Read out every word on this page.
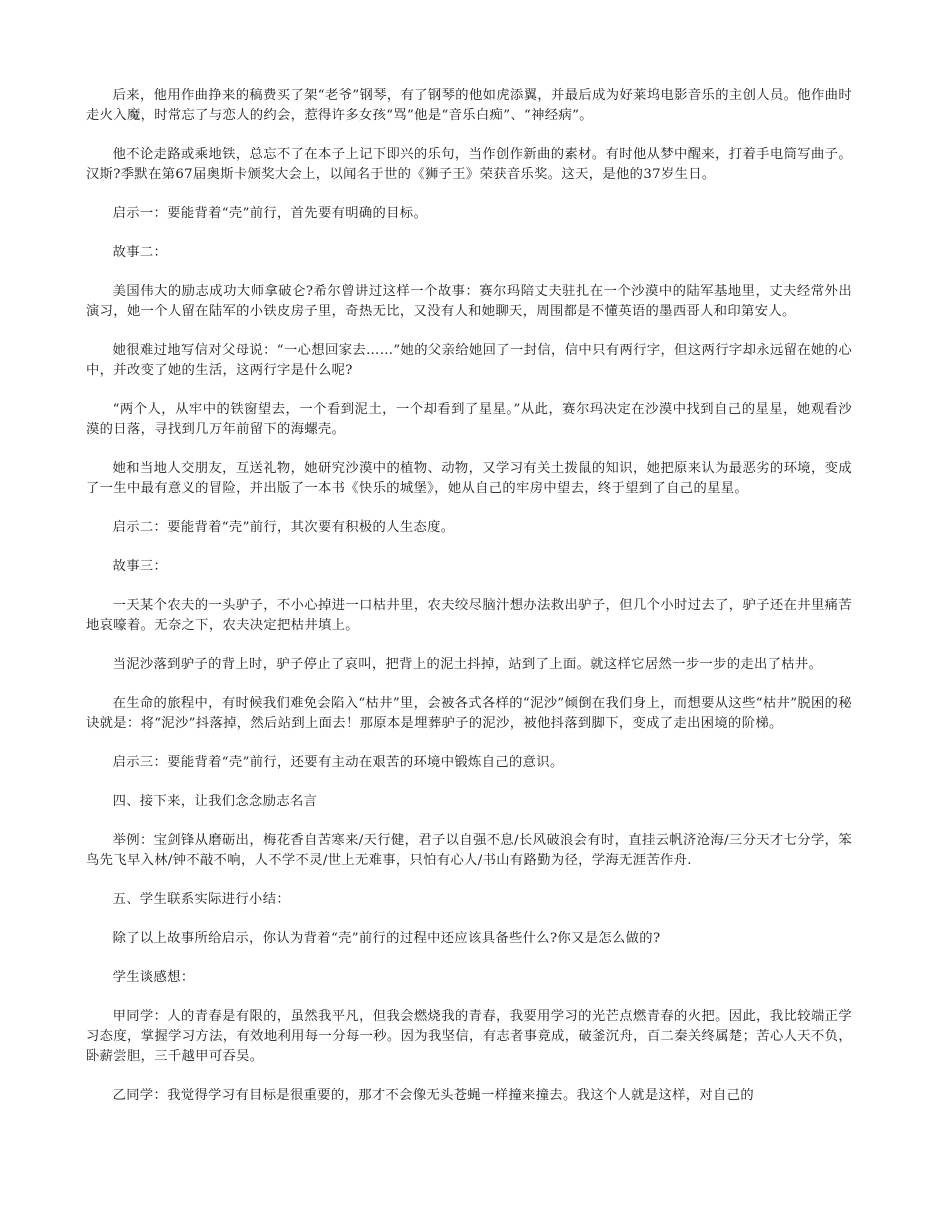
后来，他用作曲挣来的稿费买了架“老爷”钢琴，有了钢琴的他如虎添翼，并最后成为好莱坞电影音乐的主创人员。他作曲时走火入魔，时常忘了与恋人的约会，惹得许多女孩“骂”他是“音乐白痴”、“神经病”。

他不论走路或乘地铁，总忘不了在本子上记下即兴的乐句，当作创作新曲的素材。有时他从梦中醒来，打着手电筒写曲子。汉斯?季默在第67届奥斯卡颁奖大会上，以闻名于世的《狮子王》荣获音乐奖。这天，是他的37岁生日。

启示一：要能背着“壳”前行，首先要有明确的目标。

故事二：

美国伟大的励志成功大师拿破仑?希尔曾讲过这样一个故事：赛尔玛陪丈夫驻扎在一个沙漠中的陆军基地里，丈夫经常外出演习，她一个人留在陆军的小铁皮房子里，奇热无比，又没有人和她聊天，周围都是不懂英语的墨西哥人和印第安人。

她很难过地写信对父母说：“一心想回家去……”她的父亲给她回了一封信，信中只有两行字，但这两行字却永远留在她的心中，并改变了她的生活，这两行字是什么呢?

“两个人，从牢中的铁窗望去，一个看到泥土，一个却看到了星星。”从此，赛尔玛决定在沙漠中找到自己的星星，她观看沙漠的日落，寻找到几万年前留下的海螺壳。

她和当地人交朋友，互送礼物，她研究沙漠中的植物、动物，又学习有关土拨鼠的知识，她把原来认为最恶劣的环境，变成了一生中最有意义的冒险，并出版了一本书《快乐的城堡》，她从自己的牢房中望去，终于望到了自己的星星。

启示二：要能背着“壳”前行，其次要有积极的人生态度。

故事三：

一天某个农夫的一头驴子，不小心掉进一口枯井里，农夫绞尽脑汁想办法救出驴子，但几个小时过去了，驴子还在井里痛苦地哀嚎着。无奈之下，农夫决定把枯井填上。

当泥沙落到驴子的背上时，驴子停止了哀叫，把背上的泥土抖掉，站到了上面。就这样它居然一步一步的走出了枯井。

在生命的旅程中，有时候我们难免会陷入“枯井”里，会被各式各样的“泥沙”倾倒在我们身上，而想要从这些“枯井”脱困的秘诀就是：将“泥沙”抖落掉，然后站到上面去！那原本是埋葬驴子的泥沙，被他抖落到脚下，变成了走出困境的阶梯。

启示三：要能背着“壳”前行，还要有主动在艰苦的环境中锻炼自己的意识。

四、接下来，让我们念念励志名言

举例：宝剑锋从磨砺出，梅花香自苦寒来/天行健，君子以自强不息/长风破浪会有时，直挂云帆济沧海/三分天才七分学，笨鸟先飞早入林/钟不敲不响，人不学不灵/世上无难事，只怕有心人/书山有路勤为径，学海无涯苦作舟.

五、学生联系实际进行小结：

除了以上故事所给启示，你认为背着“壳”前行的过程中还应该具备些什么?你又是怎么做的?

学生谈感想：

甲同学：人的青春是有限的，虽然我平凡，但我会燃烧我的青春，我要用学习的光芒点燃青春的火把。因此，我比较端正学习态度，掌握学习方法，有效地利用每一分每一秒。因为我坚信，有志者事竟成，破釜沉舟，百二秦关终属楚；苦心人天不负，卧薪尝胆，三千越甲可吞吴。

乙同学：我觉得学习有目标是很重要的，那才不会像无头苍蝇一样撞来撞去。我这个人就是这样，对自己的
